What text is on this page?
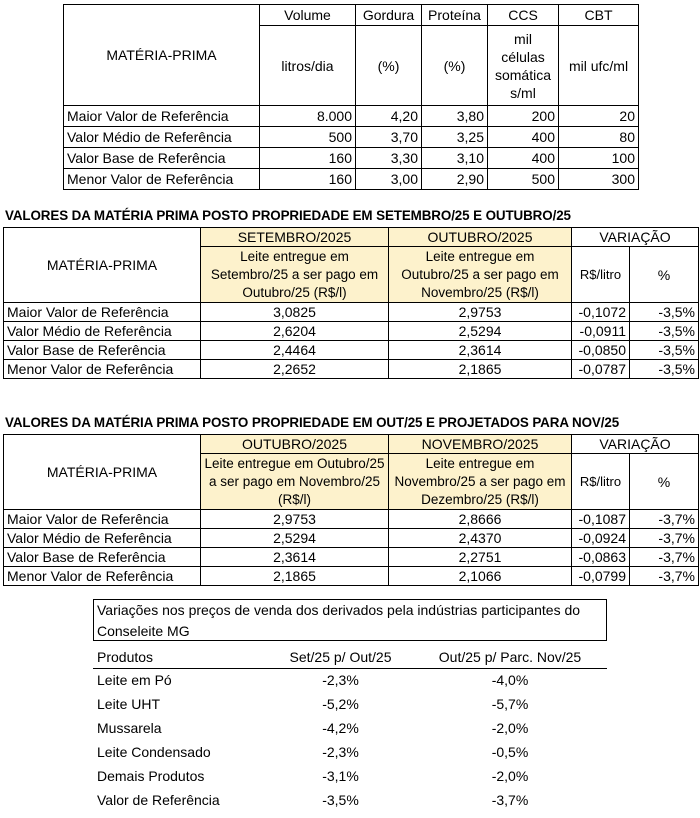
MATÉRIA-PRIMA	Volume	Gordura	Proteína	CCS	CBT
	litros/dia	(%)	(%)	mil células somática s/ml	mil ufc/ml
Maior Valor de Referência	8.000	4,20	3,80	200	20
Valor Médio de Referência	500	3,70	3,25	400	80
Valor Base de Referência	160	3,30	3,10	400	100
Menor Valor de Referência	160	3,00	2,90	500	300
VALORES DA MATÉRIA PRIMA POSTO PROPRIEDADE EM SETEMBRO/25 E OUTUBRO/25
MATÉRIA-PRIMA	SETEMBRO/2025	OUTUBRO/2025	VARIAÇÃO	
	Leite entregue em Setembro/25 a ser pago em Outubro/25 (R$/l)	Leite entregue em Outubro/25 a ser pago em Novembro/25 (R$/l)	R$/litro	%
Maior Valor de Referência	3,0825	2,9753	-0,1072	-3,5%
Valor Médio de Referência	2,6204	2,5294	-0,0911	-3,5%
Valor Base de Referência	2,4464	2,3614	-0,0850	-3,5%
Menor Valor de Referência	2,2652	2,1865	-0,0787	-3,5%
VALORES DA MATÉRIA PRIMA POSTO PROPRIEDADE EM OUT/25 E PROJETADOS PARA NOV/25
MATÉRIA-PRIMA	OUTUBRO/2025	NOVEMBRO/2025	VARIAÇÃO	
	Leite entregue em Outubro/25 a ser pago em Novembro/25 (R$/l)	Leite entregue em Novembro/25 a ser pago em Dezembro/25 (R$/l)	R$/litro	%
Maior Valor de Referência	2,9753	2,8666	-0,1087	-3,7%
Valor Médio de Referência	2,5294	2,4370	-0,0924	-3,7%
Valor Base de Referência	2,3614	2,2751	-0,0863	-3,7%
Menor Valor de Referência	2,1865	2,1066	-0,0799	-3,7%
Variações nos preços de venda dos derivados pela indústrias participantes do Conseleite MG
Produtos	Set/25 p/ Out/25	Out/25 p/ Parc. Nov/25
Leite em Pó	-2,3%	-4,0%
Leite UHT	-5,2%	-5,7%
Mussarela	-4,2%	-2,0%
Leite Condensado	-2,3%	-0,5%
Demais Produtos	-3,1%	-2,0%
Valor de Referência	-3,5%	-3,7%
